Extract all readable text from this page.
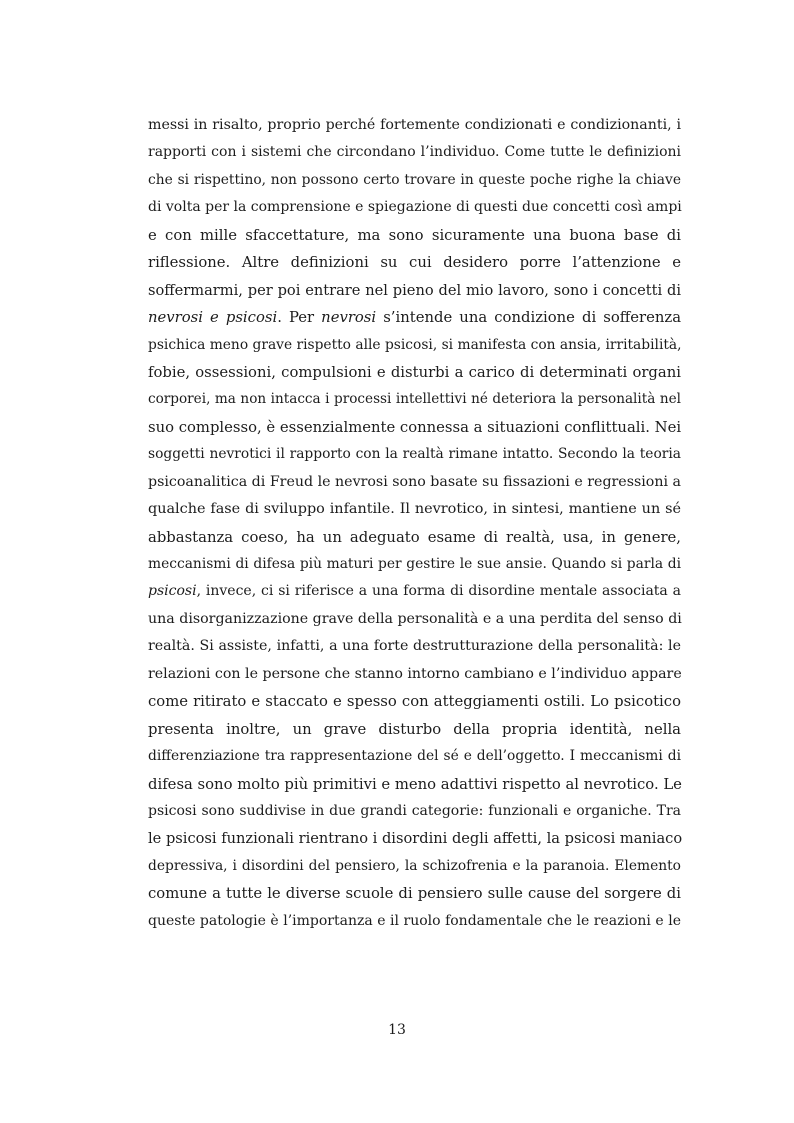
messi in risalto, proprio perché fortemente condizionati e condizionanti, i
rapporti con i sistemi che circondano l’individuo. Come tutte le definizioni
che si rispettino, non possono certo trovare in queste poche righe la chiave
di volta per la comprensione e spiegazione di questi due concetti così ampi
e con mille sfaccettature, ma sono sicuramente una buona base di
riflessione. Altre definizioni su cui desidero porre l’attenzione e
soffermarmi, per poi entrare nel pieno del mio lavoro, sono i concetti di
nevrosi e psicosi. Per nevrosi s’intende una condizione di sofferenza
psichica meno grave rispetto alle psicosi, si manifesta con ansia, irritabilità,
fobie, ossessioni, compulsioni e disturbi a carico di determinati organi
corporei, ma non intacca i processi intellettivi né deteriora la personalità nel
suo complesso, è essenzialmente connessa a situazioni conflittuali. Nei
soggetti nevrotici il rapporto con la realtà rimane intatto. Secondo la teoria
psicoanalitica di Freud le nevrosi sono basate su fissazioni e regressioni a
qualche fase di sviluppo infantile. Il nevrotico, in sintesi, mantiene un sé
abbastanza coeso, ha un adeguato esame di realtà, usa, in genere,
meccanismi di difesa più maturi per gestire le sue ansie. Quando si parla di
psicosi, invece, ci si riferisce a una forma di disordine mentale associata a
una disorganizzazione grave della personalità e a una perdita del senso di
realtà. Si assiste, infatti, a una forte destrutturazione della personalità: le
relazioni con le persone che stanno intorno cambiano e l’individuo appare
come ritirato e staccato e spesso con atteggiamenti ostili. Lo psicotico
presenta inoltre, un grave disturbo della propria identità, nella
differenziazione tra rappresentazione del sé e dell’oggetto. I meccanismi di
difesa sono molto più primitivi e meno adattivi rispetto al nevrotico. Le
psicosi sono suddivise in due grandi categorie: funzionali e organiche. Tra
le psicosi funzionali rientrano i disordini degli affetti, la psicosi maniaco
depressiva, i disordini del pensiero, la schizofrenia e la paranoia. Elemento
comune a tutte le diverse scuole di pensiero sulle cause del sorgere di
queste patologie è l’importanza e il ruolo fondamentale che le reazioni e le
13
